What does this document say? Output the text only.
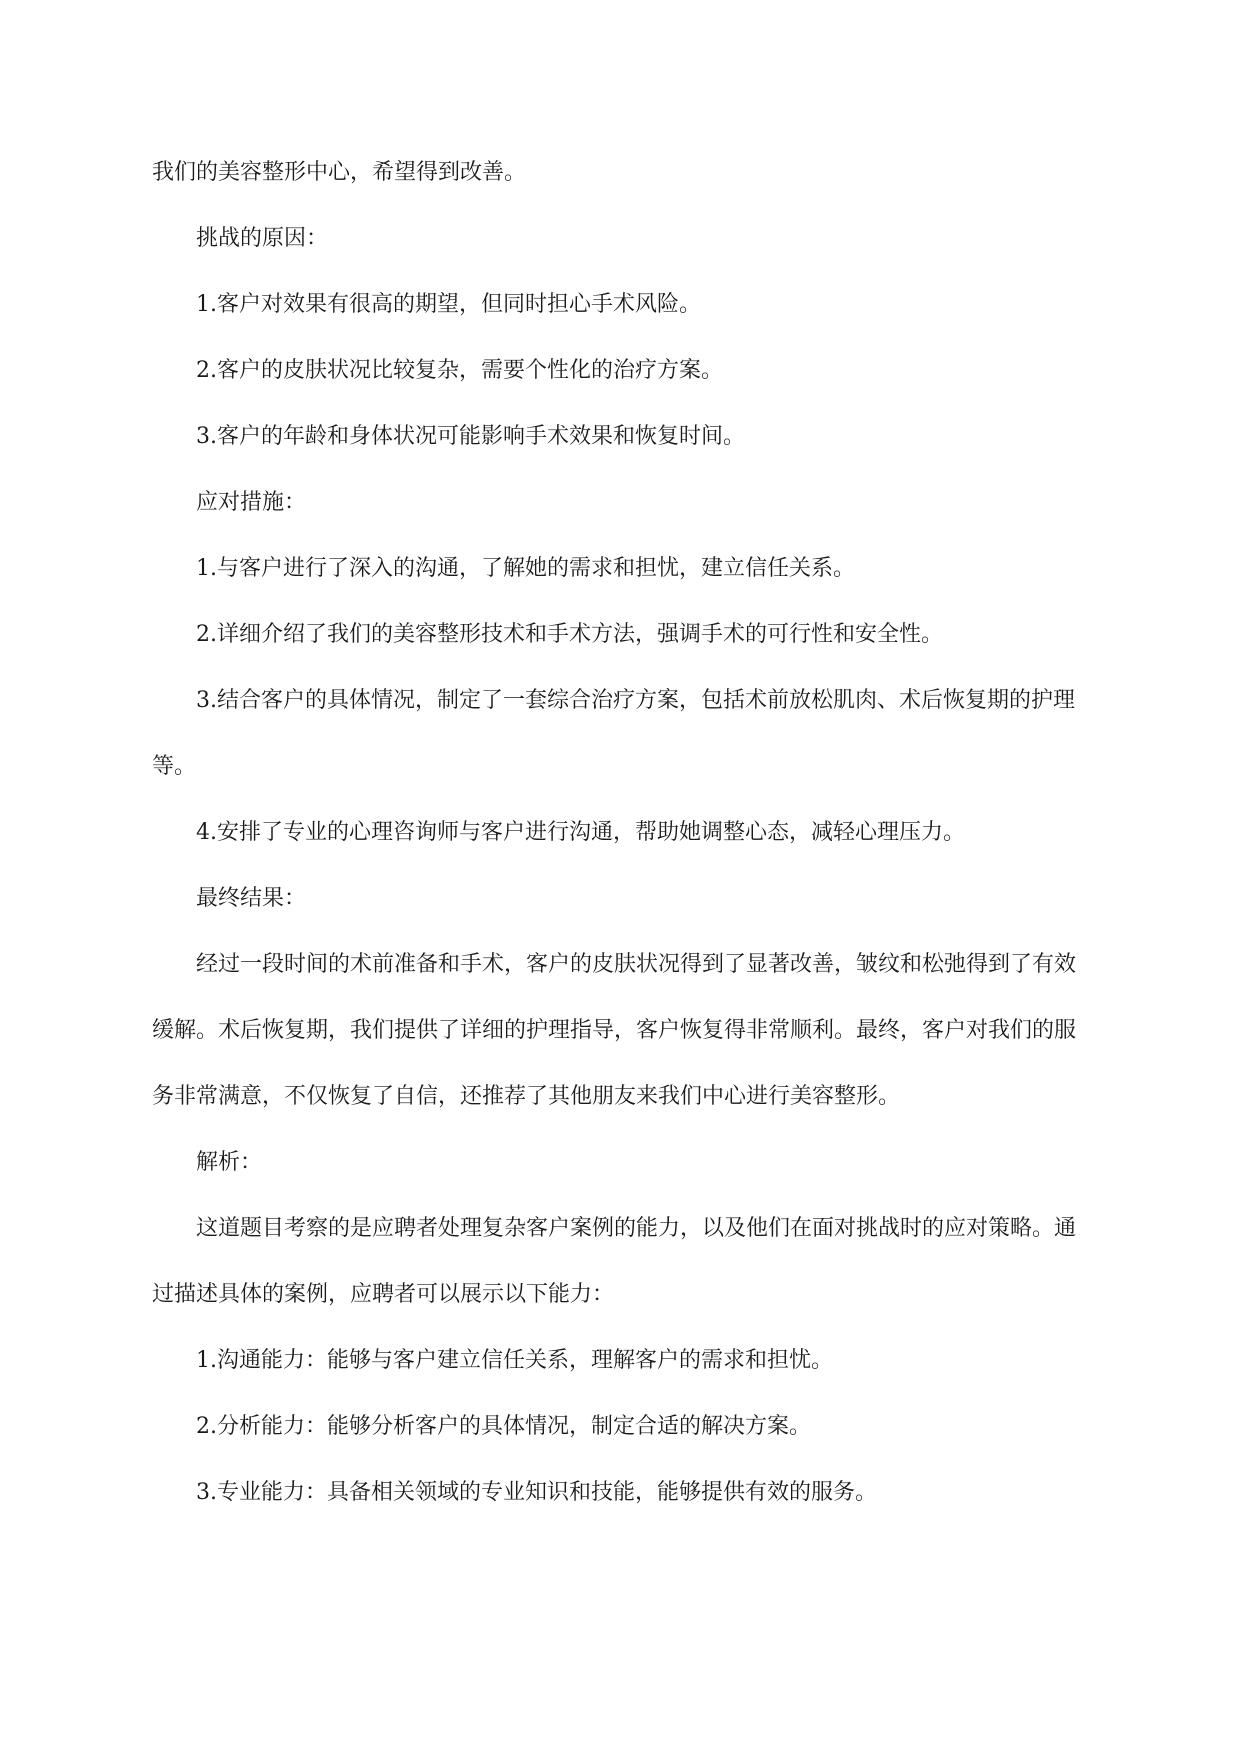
我们的美容整形中心，希望得到改善。

挑战的原因：

1.客户对效果有很高的期望，但同时担心手术风险。

2.客户的皮肤状况比较复杂，需要个性化的治疗方案。

3.客户的年龄和身体状况可能影响手术效果和恢复时间。

应对措施：

1.与客户进行了深入的沟通，了解她的需求和担忧，建立信任关系。

2.详细介绍了我们的美容整形技术和手术方法，强调手术的可行性和安全性。

3.结合客户的具体情况，制定了一套综合治疗方案，包括术前放松肌肉、术后恢复期的护理等。

4.安排了专业的心理咨询师与客户进行沟通，帮助她调整心态，减轻心理压力。

最终结果：

经过一段时间的术前准备和手术，客户的皮肤状况得到了显著改善，皱纹和松弛得到了有效缓解。术后恢复期，我们提供了详细的护理指导，客户恢复得非常顺利。最终，客户对我们的服务非常满意，不仅恢复了自信，还推荐了其他朋友来我们中心进行美容整形。

解析：

这道题目考察的是应聘者处理复杂客户案例的能力，以及他们在面对挑战时的应对策略。通过描述具体的案例，应聘者可以展示以下能力：

1.沟通能力：能够与客户建立信任关系，理解客户的需求和担忧。

2.分析能力：能够分析客户的具体情况，制定合适的解决方案。

3.专业能力：具备相关领域的专业知识和技能，能够提供有效的服务。
